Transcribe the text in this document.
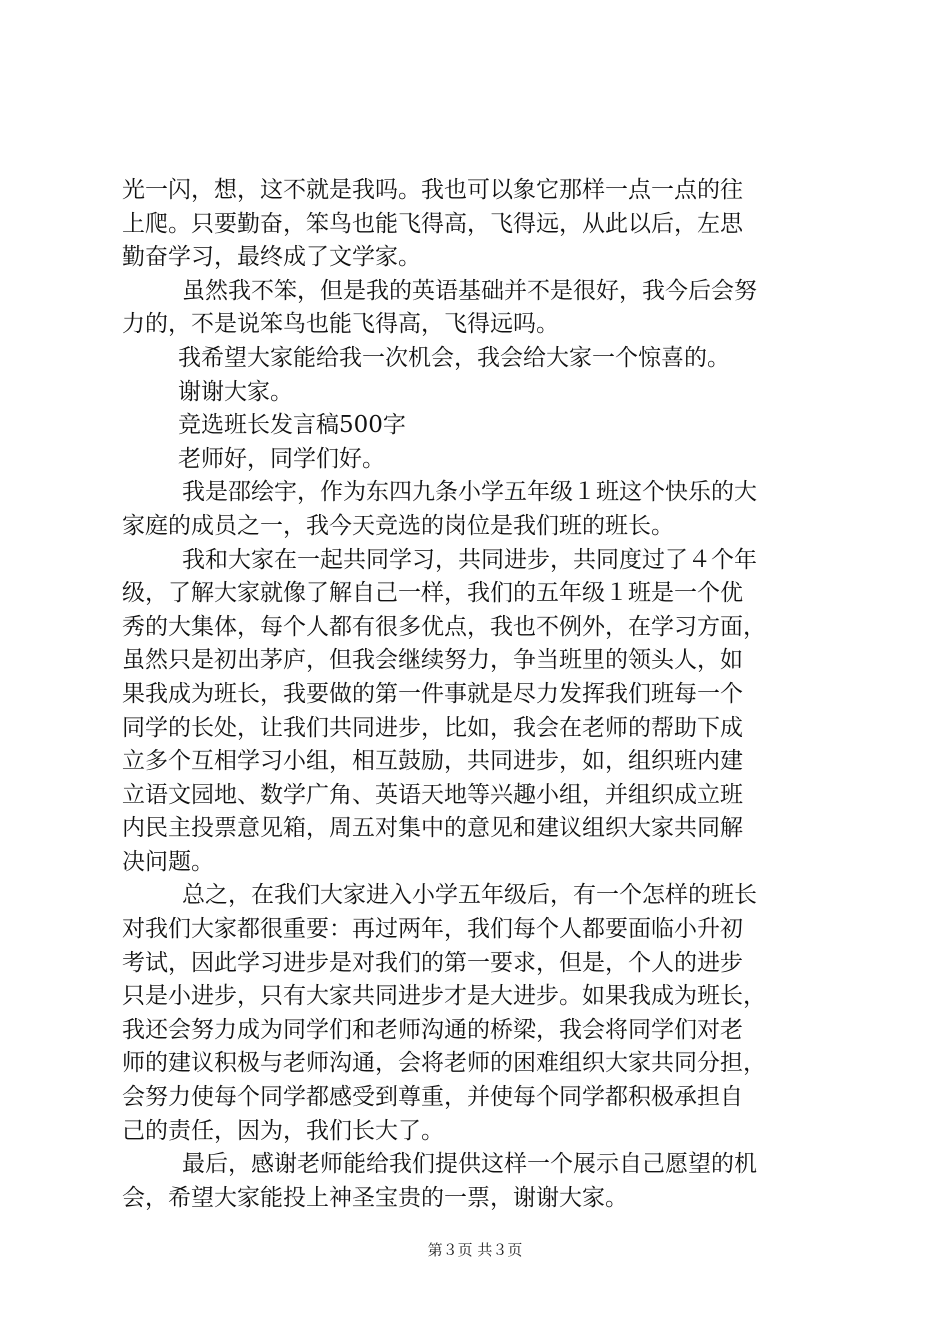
光一闪，想，这不就是我吗。我也可以象它那样一点一点的往
上爬。只要勤奋，笨鸟也能飞得高，飞得远，从此以后，左思
勤奋学习，最终成了文学家。
虽然我不笨，但是我的英语基础并不是很好，我今后会努
力的，不是说笨鸟也能飞得高，飞得远吗。
我希望大家能给我一次机会，我会给大家一个惊喜的。
谢谢大家。
竞选班长发言稿500字
老师好，同学们好。
我是邵绘宇，作为东四九条小学五年级１班这个快乐的大
家庭的成员之一，我今天竞选的岗位是我们班的班长。
我和大家在一起共同学习，共同进步，共同度过了４个年
级，了解大家就像了解自己一样，我们的五年级１班是一个优
秀的大集体，每个人都有很多优点，我也不例外，在学习方面，
虽然只是初出茅庐，但我会继续努力，争当班里的领头人，如
果我成为班长，我要做的第一件事就是尽力发挥我们班每一个
同学的长处，让我们共同进步，比如，我会在老师的帮助下成
立多个互相学习小组，相互鼓励，共同进步，如，组织班内建
立语文园地、数学广角、英语天地等兴趣小组，并组织成立班
内民主投票意见箱，周五对集中的意见和建议组织大家共同解
决问题。
总之，在我们大家进入小学五年级后，有一个怎样的班长
对我们大家都很重要：再过两年，我们每个人都要面临小升初
考试，因此学习进步是对我们的第一要求，但是，个人的进步
只是小进步，只有大家共同进步才是大进步。如果我成为班长，
我还会努力成为同学们和老师沟通的桥梁，我会将同学们对老
师的建议积极与老师沟通，会将老师的困难组织大家共同分担，
会努力使每个同学都感受到尊重，并使每个同学都积极承担自
己的责任，因为，我们长大了。
最后，感谢老师能给我们提供这样一个展示自己愿望的机
会，希望大家能投上神圣宝贵的一票，谢谢大家。
第３页 共３页
